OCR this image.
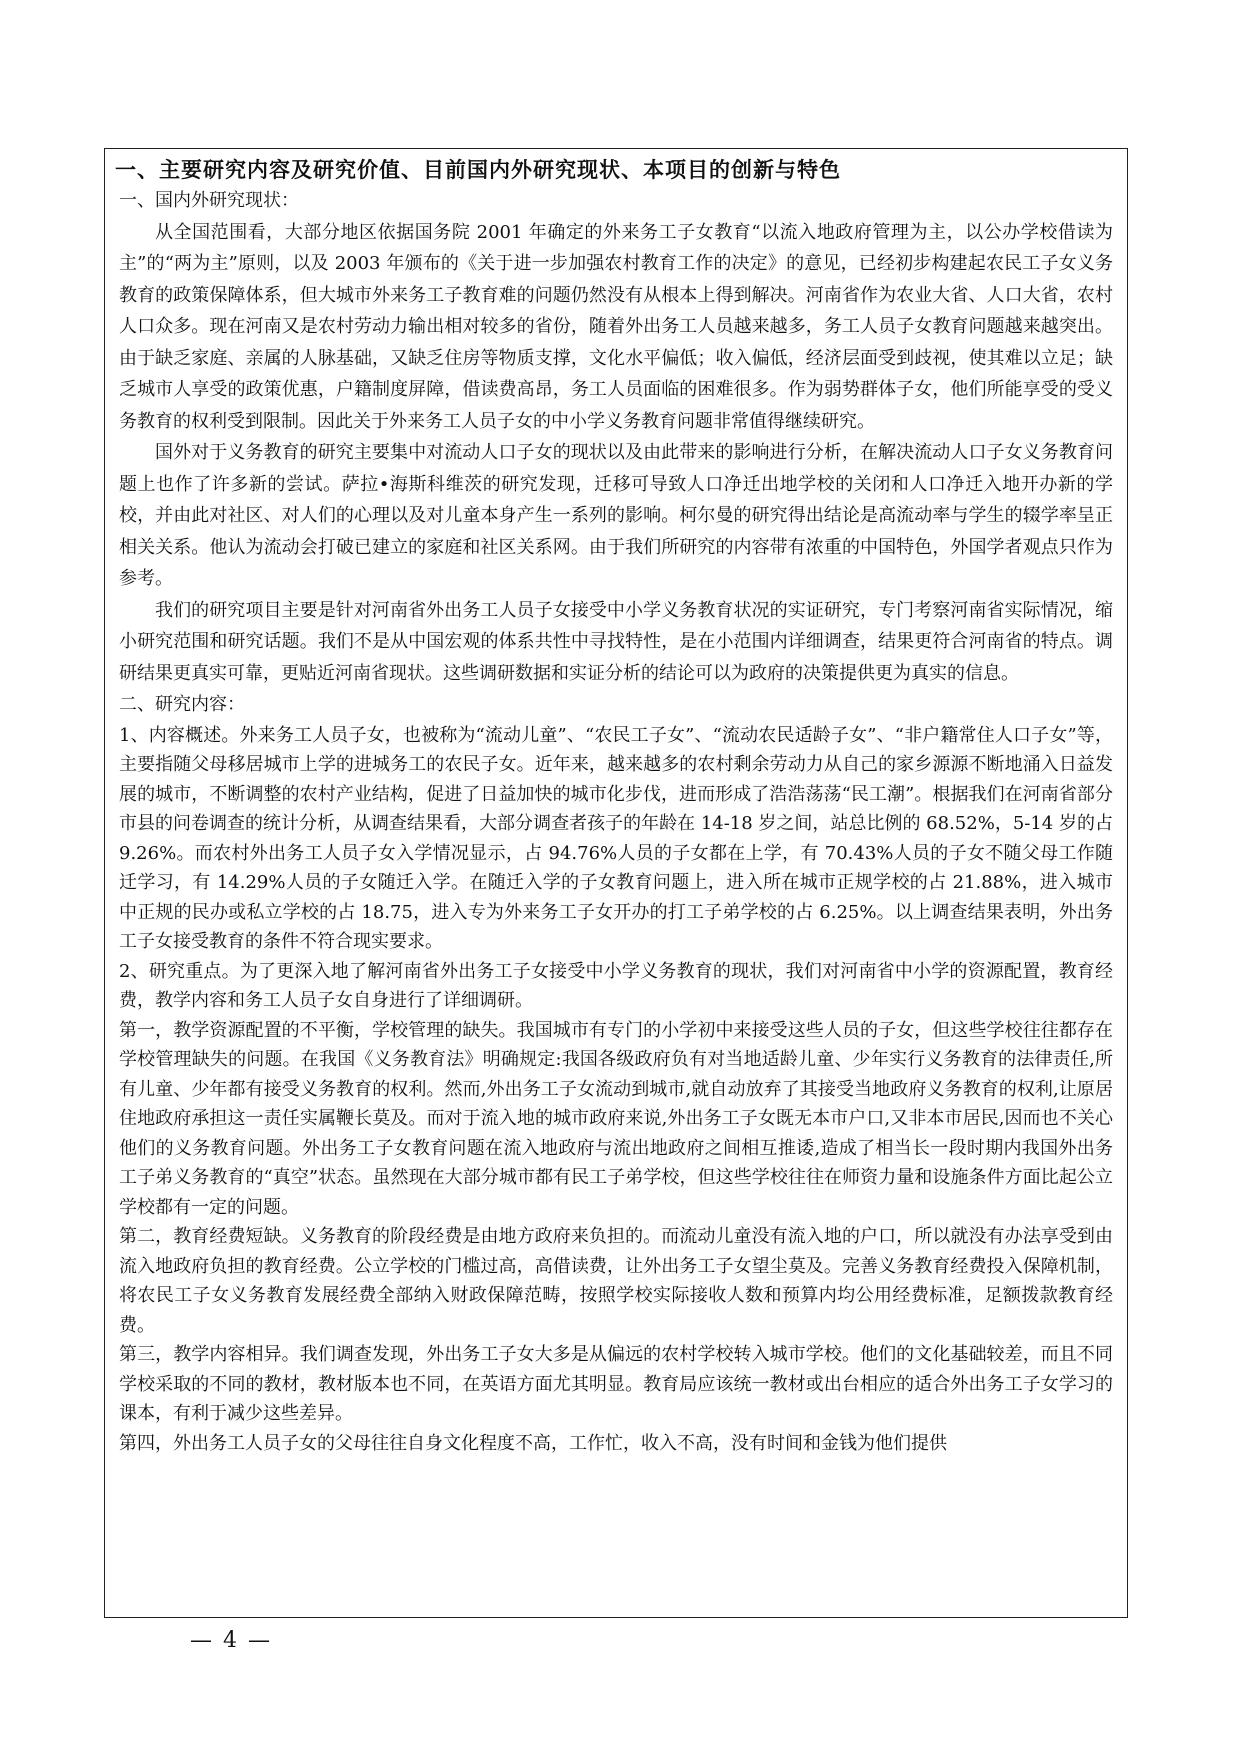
一、主要研究内容及研究价值、目前国内外研究现状、本项目的创新与特色

一、国内外研究现状：

从全国范围看，大部分地区依据国务院 2001 年确定的外来务工子女教育“以流入地政府管理为主，以公办学校借读为主”的“两为主”原则，以及 2003 年颁布的《关于进一步加强农村教育工作的决定》的意见，已经初步构建起农民工子女义务教育的政策保障体系，但大城市外来务工子教育难的问题仍然没有从根本上得到解决。河南省作为农业大省、人口大省，农村人口众多。现在河南又是农村劳动力输出相对较多的省份，随着外出务工人员越来越多，务工人员子女教育问题越来越突出。由于缺乏家庭、亲属的人脉基础，又缺乏住房等物质支撑，文化水平偏低；收入偏低，经济层面受到歧视，使其难以立足；缺乏城市人享受的政策优惠，户籍制度屏障，借读费高昂，务工人员面临的困难很多。作为弱势群体子女，他们所能享受的受义务教育的权利受到限制。因此关于外来务工人员子女的中小学义务教育问题非常值得继续研究。

国外对于义务教育的研究主要集中对流动人口子女的现状以及由此带来的影响进行分析，在解决流动人口子女义务教育问题上也作了许多新的尝试。萨拉•海斯科维茨的研究发现，迁移可导致人口净迁出地学校的关闭和人口净迁入地开办新的学校，并由此对社区、对人们的心理以及对儿童本身产生一系列的影响。柯尔曼的研究得出结论是高流动率与学生的辍学率呈正相关关系。他认为流动会打破已建立的家庭和社区关系网。由于我们所研究的内容带有浓重的中国特色，外国学者观点只作为参考。

我们的研究项目主要是针对河南省外出务工人员子女接受中小学义务教育状况的实证研究，专门考察河南省实际情况，缩小研究范围和研究话题。我们不是从中国宏观的体系共性中寻找特性，是在小范围内详细调查，结果更符合河南省的特点。调研结果更真实可靠，更贴近河南省现状。这些调研数据和实证分析的结论可以为政府的决策提供更为真实的信息。

二、研究内容：

1、内容概述。外来务工人员子女，也被称为“流动儿童”、“农民工子女”、“流动农民适龄子女”、“非户籍常住人口子女”等，主要指随父母移居城市上学的进城务工的农民子女。近年来，越来越多的农村剩余劳动力从自己的家乡源源不断地涌入日益发展的城市，不断调整的农村产业结构，促进了日益加快的城市化步伐，进而形成了浩浩荡荡“民工潮”。根据我们在河南省部分市县的问卷调查的统计分析，从调查结果看，大部分调查者孩子的年龄在 14-18 岁之间，站总比例的 68.52%，5-14 岁的占 9.26%。而农村外出务工人员子女入学情况显示，占 94.76%人员的子女都在上学，有 70.43%人员的子女不随父母工作随迁学习，有 14.29%人员的子女随迁入学。在随迁入学的子女教育问题上，进入所在城市正规学校的占 21.88%，进入城市中正规的民办或私立学校的占 18.75，进入专为外来务工子女开办的打工子弟学校的占 6.25%。以上调查结果表明，外出务工子女接受教育的条件不符合现实要求。

2、研究重点。为了更深入地了解河南省外出务工子女接受中小学义务教育的现状，我们对河南省中小学的资源配置，教育经费，教学内容和务工人员子女自身进行了详细调研。

第一，教学资源配置的不平衡，学校管理的缺失。我国城市有专门的小学初中来接受这些人员的子女，但这些学校往往都存在学校管理缺失的问题。在我国《义务教育法》明确规定:我国各级政府负有对当地适龄儿童、少年实行义务教育的法律责任,所有儿童、少年都有接受义务教育的权利。然而,外出务工子女流动到城市,就自动放弃了其接受当地政府义务教育的权利,让原居住地政府承担这一责任实属鞭长莫及。而对于流入地的城市政府来说,外出务工子女既无本市户口,又非本市居民,因而也不关心他们的义务教育问题。外出务工子女教育问题在流入地政府与流出地政府之间相互推诿,造成了相当长一段时期内我国外出务工子弟义务教育的“真空”状态。虽然现在大部分城市都有民工子弟学校，但这些学校往往在师资力量和设施条件方面比起公立学校都有一定的问题。

第二，教育经费短缺。义务教育的阶段经费是由地方政府来负担的。而流动儿童没有流入地的户口，所以就没有办法享受到由流入地政府负担的教育经费。公立学校的门槛过高，高借读费，让外出务工子女望尘莫及。完善义务教育经费投入保障机制，将农民工子女义务教育发展经费全部纳入财政保障范畴，按照学校实际接收人数和预算内均公用经费标准，足额拨款教育经费。

第三，教学内容相异。我们调查发现，外出务工子女大多是从偏远的农村学校转入城市学校。他们的文化基础较差，而且不同学校采取的不同的教材，教材版本也不同，在英语方面尤其明显。教育局应该统一教材或出台相应的适合外出务工子女学习的课本，有利于减少这些差异。

第四，外出务工人员子女的父母往往自身文化程度不高，工作忙，收入不高，没有时间和金钱为他们提供

— 4 —
